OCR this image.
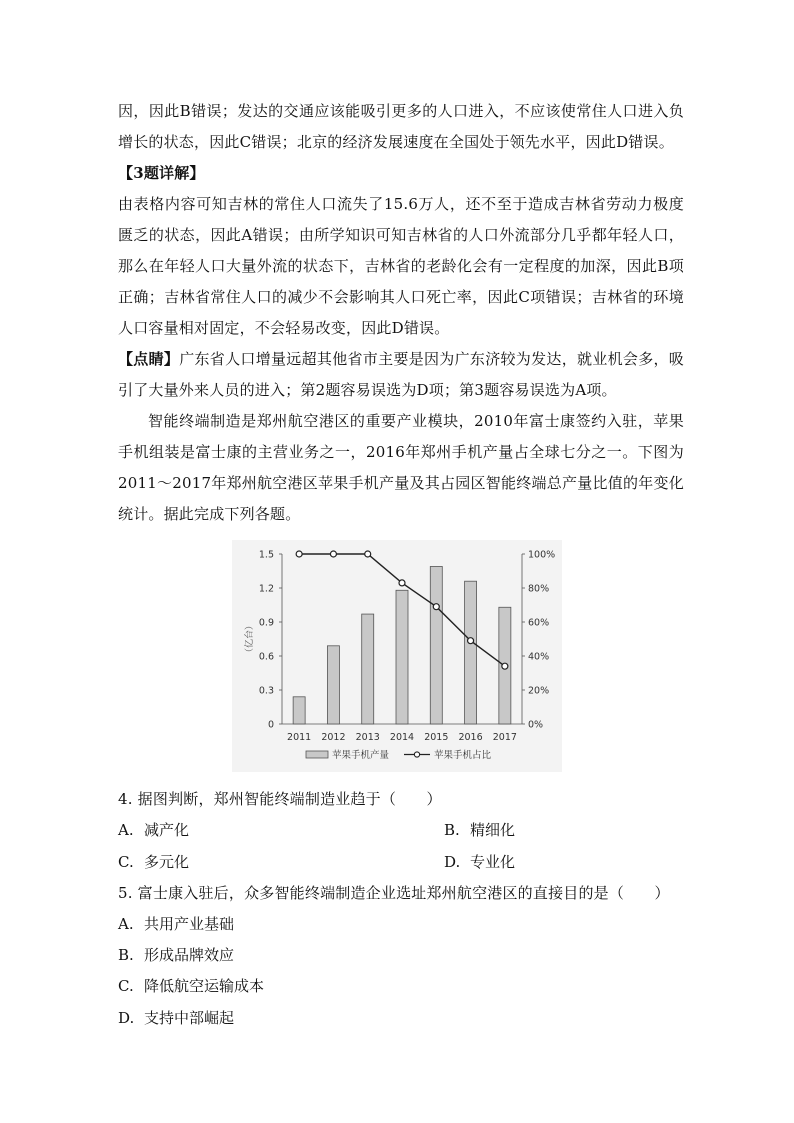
因，因此B错误；发达的交通应该能吸引更多的人口进入，不应该使常住人口进入负增长的状态，因此C错误；北京的经济发展速度在全国处于领先水平，因此D错误。

【3题详解】

由表格内容可知吉林的常住人口流失了15.6万人，还不至于造成吉林省劳动力极度匮乏的状态，因此A错误；由所学知识可知吉林省的人口外流部分几乎都年轻人口，那么在年轻人口大量外流的状态下，吉林省的老龄化会有一定程度的加深，因此B项正确；吉林省常住人口的减少不会影响其人口死亡率，因此C项错误；吉林省的环境人口容量相对固定，不会轻易改变，因此D错误。

【点睛】广东省人口增量远超其他省市主要是因为广东济较为发达，就业机会多，吸引了大量外来人员的进入；第2题容易误选为D项；第3题容易误选为A项。

智能终端制造是郑州航空港区的重要产业模块，2010年富士康签约入驻，苹果手机组装是富士康的主营业务之一，2016年郑州手机产量占全球七分之一。下图为2011～2017年郑州航空港区苹果手机产量及其占园区智能终端总产量比值的年变化统计。据此完成下列各题。

0
0.3
0.6
0.9
1.2
1.5
0%
20%
40%
60%
80%
100%
（亿台）
2011 2012 2013 2014 2015 2016 2017
苹果手机产量	苹果手机占比

4. 据图判断，郑州智能终端制造业趋于（　　）

A. 减产化	B. 精细化

C. 多元化	D. 专业化

5. 富士康入驻后，众多智能终端制造企业选址郑州航空港区的直接目的是（　　）

A. 共用产业基础

B. 形成品牌效应

C. 降低航空运输成本

D. 支持中部崛起
